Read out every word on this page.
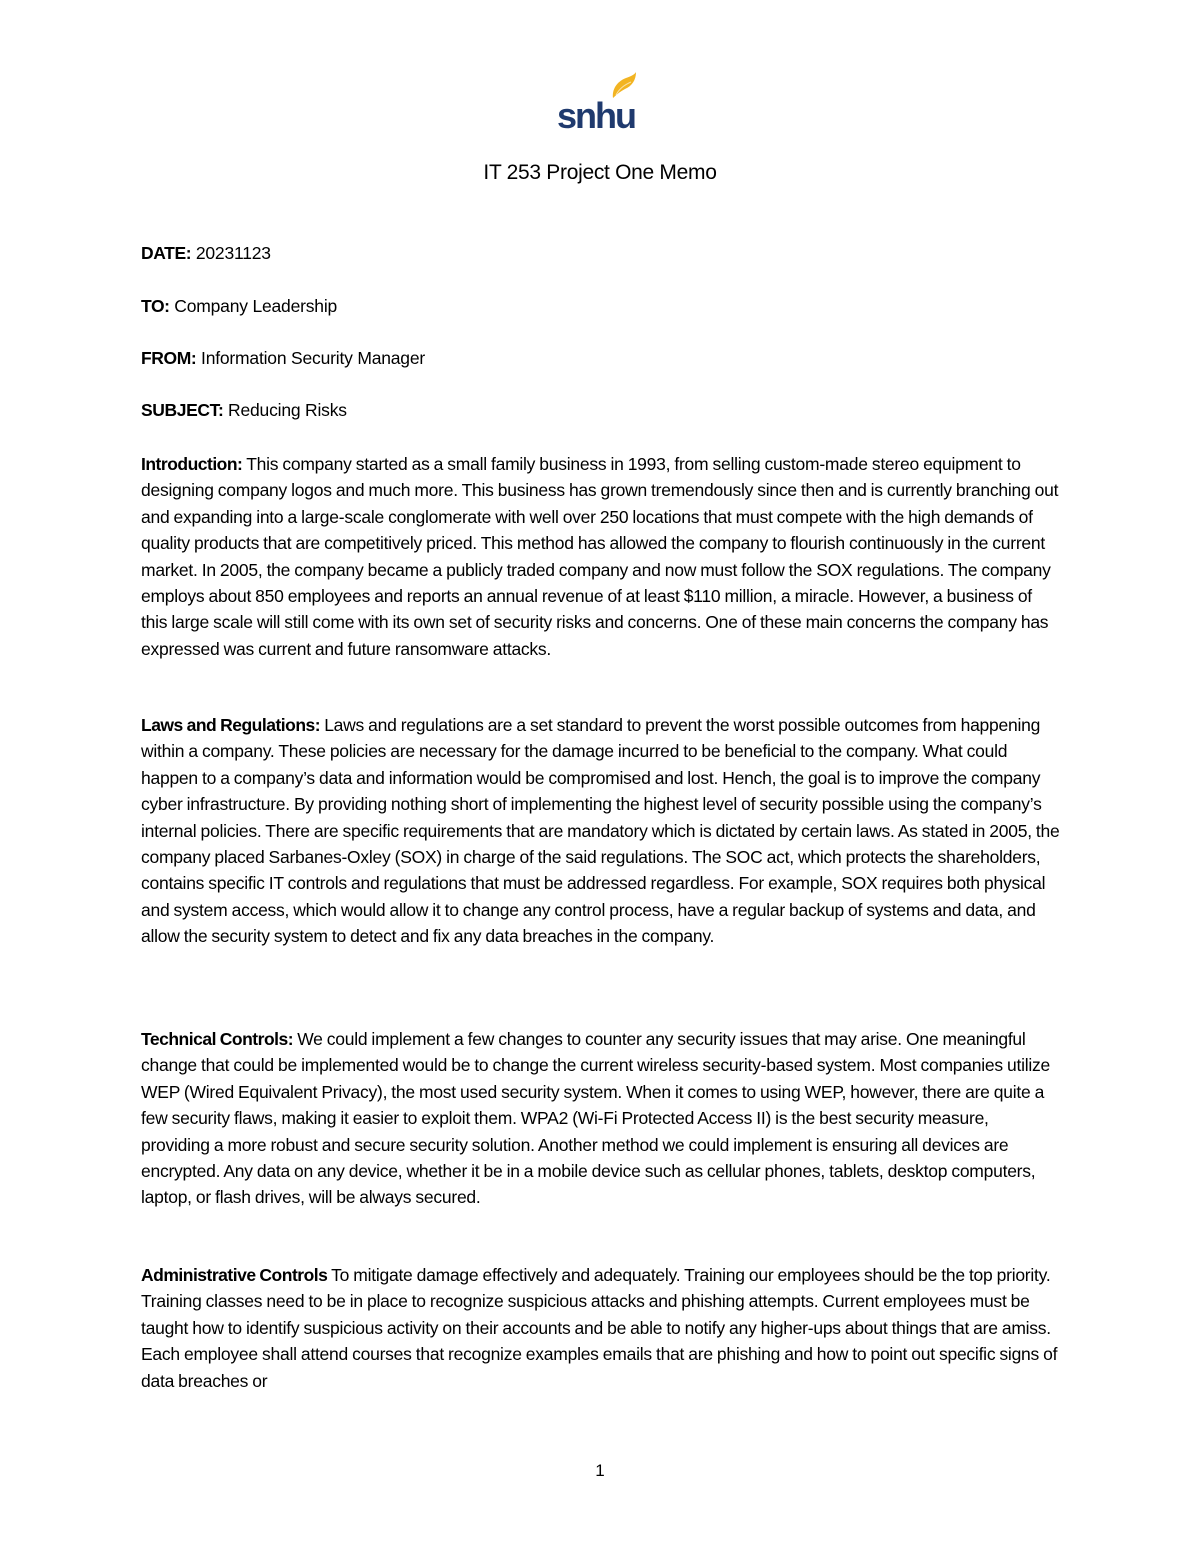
snhu
IT 253 Project One Memo
DATE: 20231123
TO: Company Leadership
FROM: Information Security Manager
SUBJECT: Reducing Risks

Introduction: This company started as a small family business in 1993, from selling custom-made stereo equipment to designing company logos and much more. This business has grown tremendously since then and is currently branching out and expanding into a large-scale conglomerate with well over 250 locations that must compete with the high demands of quality products that are competitively priced. This method has allowed the company to flourish continuously in the current market. In 2005, the company became a publicly traded company and now must follow the SOX regulations. The company employs about 850 employees and reports an annual revenue of at least $110 million, a miracle. However, a business of this large scale will still come with its own set of security risks and concerns. One of these main concerns the company has expressed was current and future ransomware attacks.

Laws and Regulations: Laws and regulations are a set standard to prevent the worst possible outcomes from happening within a company. These policies are necessary for the damage incurred to be beneficial to the company. What could happen to a company’s data and information would be compromised and lost. Hench, the goal is to improve the company cyber infrastructure. By providing nothing short of implementing the highest level of security possible using the company’s internal policies. There are specific requirements that are mandatory which is dictated by certain laws. As stated in 2005, the company placed Sarbanes-Oxley (SOX) in charge of the said regulations. The SOC act, which protects the shareholders, contains specific IT controls and regulations that must be addressed regardless. For example, SOX requires both physical and system access, which would allow it to change any control process, have a regular backup of systems and data, and allow the security system to detect and fix any data breaches in the company.

Technical Controls: We could implement a few changes to counter any security issues that may arise. One meaningful change that could be implemented would be to change the current wireless security-based system. Most companies utilize WEP (Wired Equivalent Privacy), the most used security system. When it comes to using WEP, however, there are quite a few security flaws, making it easier to exploit them. WPA2 (Wi-Fi Protected Access II) is the best security measure, providing a more robust and secure security solution. Another method we could implement is ensuring all devices are encrypted. Any data on any device, whether it be in a mobile device such as cellular phones, tablets, desktop computers, laptop, or flash drives, will be always secured.

Administrative Controls To mitigate damage effectively and adequately. Training our employees should be the top priority. Training classes need to be in place to recognize suspicious attacks and phishing attempts. Current employees must be taught how to identify suspicious activity on their accounts and be able to notify any higher-ups about things that are amiss. Each employee shall attend courses that recognize examples emails that are phishing and how to point out specific signs of data breaches or

1
